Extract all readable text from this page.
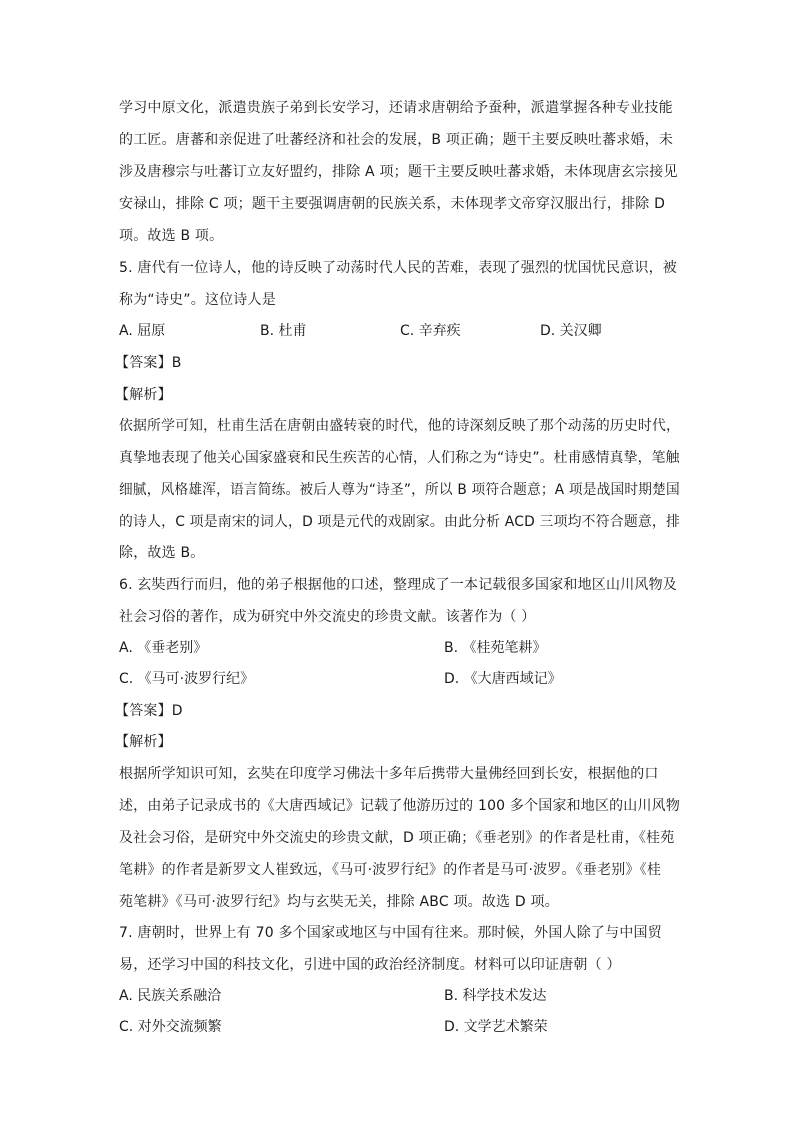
学习中原文化，派遣贵族子弟到长安学习，还请求唐朝给予蚕种，派遣掌握各种专业技能
的工匠。唐蕃和亲促进了吐蕃经济和社会的发展，B 项正确；题干主要反映吐蕃求婚，未
涉及唐穆宗与吐蕃订立友好盟约，排除 A 项；题干主要反映吐蕃求婚，未体现唐玄宗接见
安禄山，排除 C 项；题干主要强调唐朝的民族关系，未体现孝文帝穿汉服出行，排除 D
项。故选 B 项。
5. 唐代有一位诗人，他的诗反映了动荡时代人民的苦难，表现了强烈的忧国忧民意识，被
称为“诗史”。这位诗人是
A. 屈原	B. 杜甫	C. 辛弃疾	D. 关汉卿
【答案】B
【解析】
依据所学可知，杜甫生活在唐朝由盛转衰的时代，他的诗深刻反映了那个动荡的历史时代，
真挚地表现了他关心国家盛衰和民生疾苦的心情，人们称之为“诗史”。杜甫感情真挚，笔触
细腻，风格雄浑，语言简练。被后人尊为“诗圣”，所以 B 项符合题意；A 项是战国时期楚国
的诗人，C 项是南宋的词人，D 项是元代的戏剧家。由此分析 ACD 三项均不符合题意，排
除，故选 B。
6. 玄奘西行而归，他的弟子根据他的口述，整理成了一本记载很多国家和地区山川风物及
社会习俗的著作，成为研究中外交流史的珍贵文献。该著作为（ ）
A. 《垂老别》	B. 《桂苑笔耕》
C. 《马可·波罗行纪》	D. 《大唐西域记》
【答案】D
【解析】
根据所学知识可知，玄奘在印度学习佛法十多年后携带大量佛经回到长安，根据他的口
述，由弟子记录成书的《大唐西域记》记载了他游历过的 100 多个国家和地区的山川风物
及社会习俗，是研究中外交流史的珍贵文献，D 项正确；《垂老别》的作者是杜甫，《桂苑
笔耕》的作者是新罗文人崔致远，《马可·波罗行纪》的作者是马可·波罗。《垂老别》《桂
苑笔耕》《马可·波罗行纪》均与玄奘无关，排除 ABC 项。故选 D 项。
7. 唐朝时，世界上有 70 多个国家或地区与中国有往来。那时候，外国人除了与中国贸
易，还学习中国的科技文化，引进中国的政治经济制度。材料可以印证唐朝（ ）
A. 民族关系融洽	B. 科学技术发达
C. 对外交流频繁	D. 文学艺术繁荣
